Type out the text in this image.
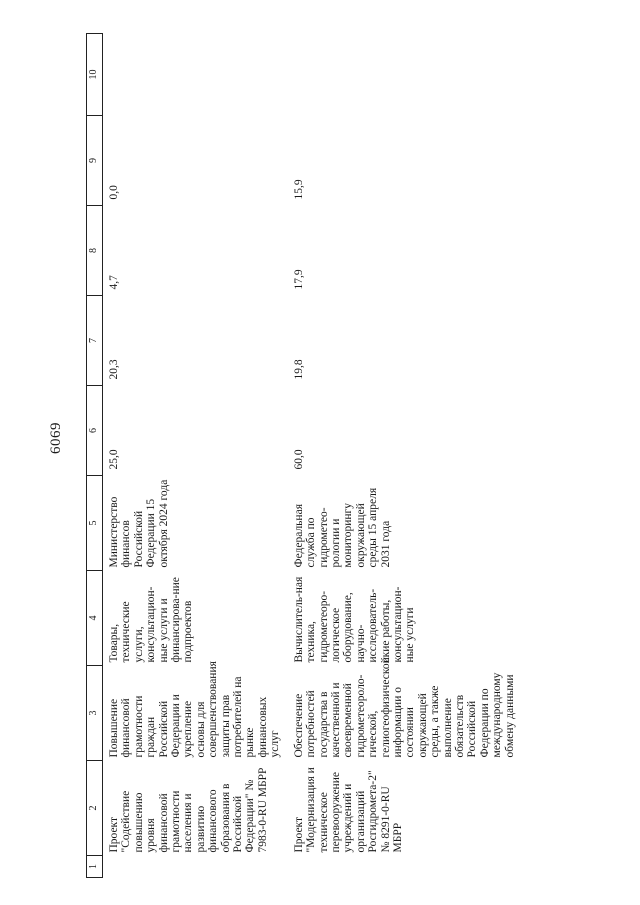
6069
1	2	3	4	5	6	7	8	9	10
	Проект "Содействие повышению уровня финансовой грамотности населения и развитию финансового образования в Российской Федерации" № 7983-0-RU МБРР	Повышение финансовой грамотности граждан Российской Федерации и укрепление основы для совершенствования защиты прав потребителей на рынке финансовых услуг	Товары, технические услуги, консультацион-ные услуги и финансирова-ние подпроектов	Министерство финансов Российской Федерации 15 октября 2024 года	25,0	20,3	4,7	0,0	
	Проект "Модернизация и техническое перевооружение учреждений и организаций Росгидромета-2" № 8291-0-RU МБРР	Обеспечение потребностей государства в качественной и своевременной гидрометеороло-гической, гелиогеофизической информации о состоянии окружающей среды, а также выполнение обязательств Российской Федерации по международному обмену данными	Вычислитель-ная техника, гидрометеоро-логическое оборудование, научно-исследователь-ские работы, консультацион-ные услуги	Федеральная служба по гидрометео-рологии и мониторингу окружающей среды 15 апреля 2031 года	60,0	19,8	17,9	15,9	
